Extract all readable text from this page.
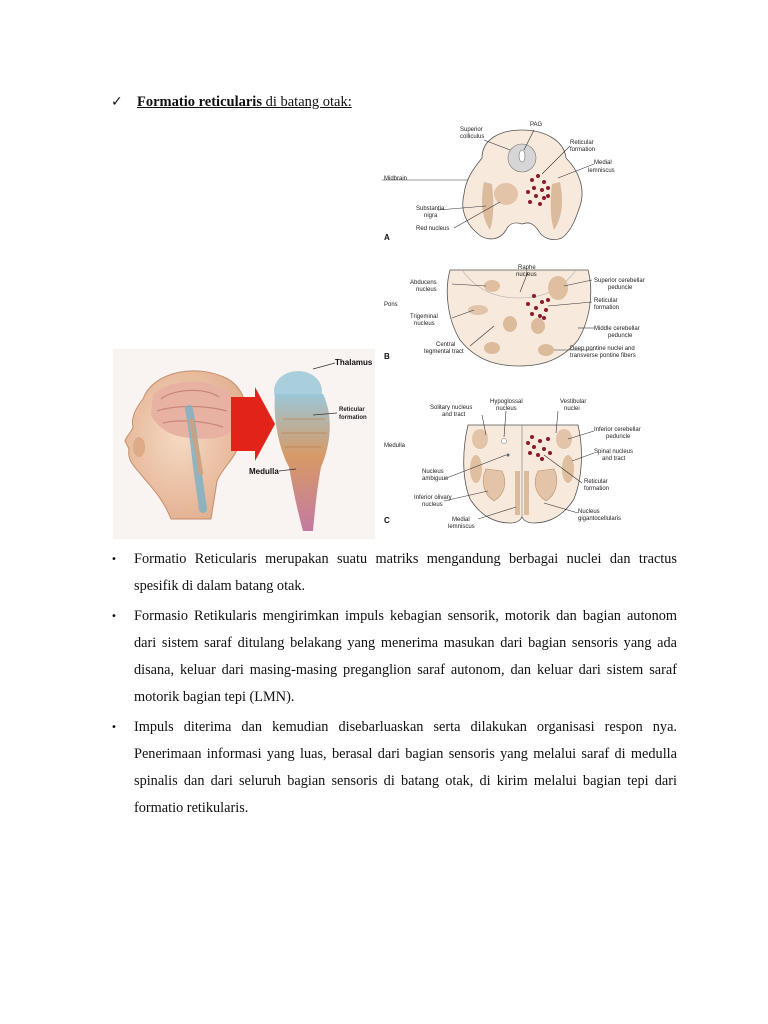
✓ Formatio reticularis di batang otak:
Thalamus
Reticular
formation
Medulla
Superior
colliculus
PAG
Reticular
formation
Medial
lemniscus
Midbrain
Substantia
nigra
Red nucleus
A
Raphe
nucleus
Abducens
nucleus
Superior cerebellar
peduncle
Reticular
formation
Pons
Trigeminal
nucleus
Middle cerebellar
peduncle
Central
tegmental tract	Deep pontine nuclei and
transverse pontine fibers
B
Hypoglossal
nucleus
Vestibular
nuclei
Solitary nucleus
and tract
Inferior cerebellar
peduncle
Medulla
Spinal nucleus
and tract
Nucleus
ambiguus	Reticular
formation
Inferior olivary
nucleus
Medial
lemniscus
Nucleus
gigantocellularis
C
• Formatio Reticularis merupakan suatu matriks mengandung berbagai nuclei dan tractus spesifik di dalam batang otak.
• Formasio Retikularis mengirimkan impuls kebagian sensorik, motorik dan bagian autonom dari sistem saraf ditulang belakang yang menerima masukan dari bagian sensoris yang ada disana, keluar dari masing-masing preganglion saraf autonom, dan keluar dari sistem saraf motorik bagian tepi (LMN).
• Impuls diterima dan kemudian disebarluaskan serta dilakukan organisasi respon nya. Penerimaan informasi yang luas, berasal dari bagian sensoris yang melalui saraf di medulla spinalis dan dari seluruh bagian sensoris di batang otak, di kirim melalui bagian tepi dari formatio retikularis.
